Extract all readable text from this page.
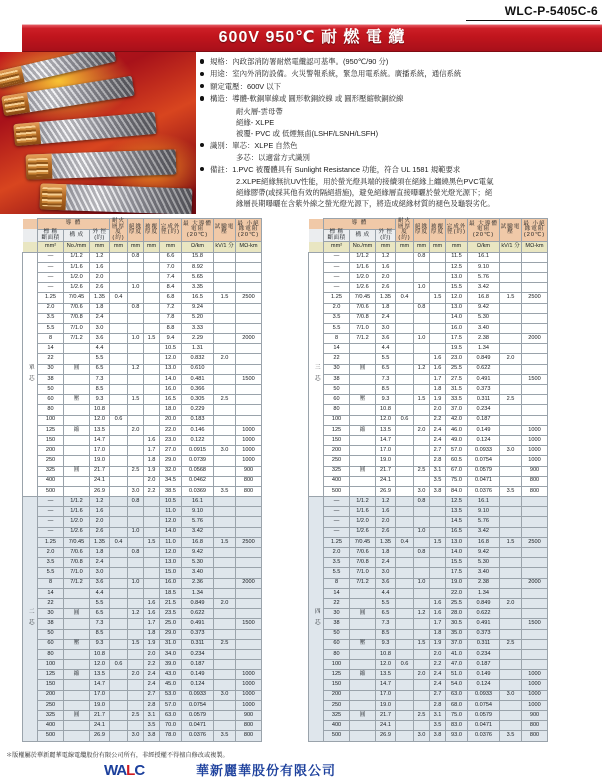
WLC-P-5405C-6
600V 950℃ 耐 燃 電 纜
規格：內政部消防署耐燃電纜認可基準。(950℃/90 分)
用途：室內外消防設備。火災警報系統，緊急用電系統。廣播系統，通信系統
額定電壓：600V 以下
構造：導體-軟銅單線或 圓形軟銅絞線 或 圓形壓縮軟銅絞線
耐火層-雲母帶
絕緣- XLPE
被覆- PVC 或 低煙無鹵(LSHF/LSNH/LSFH)
識別：單芯：XLPE 自然色
多芯：以適當方式識別
備註：1.PVC 被覆體具有 Sunlight Resistance 功能，符合 UL 1581 規範要求
2.XLPE絕緣無抗UV性能，用於螢光燈具端的接續須在絕緣上纏繞黑色PVC電氣
絕緣膠帶(或採其他有效的隔絕措施)，避免絕緣層直接曝曬於螢光燈光源下；絕
緣層長期曝曬在含紫外線之螢光燈光源下，將造成絕緣材質的褪色及龜裂劣化。
	導 體			耐火層厚 度(約)	絕緣厚度	被覆厚度	完成外徑(約)	最 大導體電阻(20℃)	試驗電壓	最 小絕緣電阻(20℃)
	標 稱
斷面積	構 成	外 徑
(約)							

	mm²	No./mm	mm	mm	mm	mm	mm	Ω/km	kV/1 分	MΩ-km
單 芯	—	1/1.2	1.2		0.8		6.6	15.8		
	—	1/1.6	1.6				7.0	8.92		
	—	1/2.0	2.0				7.4	5.65		
	—	1/2.6	2.6		1.0		8.4	3.35		
	1.25	7/0.45	1.35	0.4			6.8	16.5	1.5	2500
	2.0	7/0.6	1.8		0.8		7.2	9.24		
	3.5	7/0.8	2.4				7.8	5.20		
	5.5	7/1.0	3.0				8.8	3.33		
	8	7/1.2	3.6		1.0	1.5	9.4	2.29		2000
	14		4.4				10.5	1.31		
	22		5.5				12.0	0.832	2.0	
	30	圓	6.5		1.2		13.0	0.610		
	38		7.3				14.0	0.481		1500
	50		8.5				16.0	0.366		
	60	壓	9.3		1.5		16.5	0.305	2.5	
	80		10.8				18.0	0.229		
	100		12.0	0.6			20.0	0.183		
	125	縮	13.5		2.0		22.0	0.146		1000
	150		14.7			1.6	23.0	0.122		1000
	200		17.0			1.7	27.0	0.0915	3.0	1000
	250		19.0			1.8	29.0	0.0739		1000
	325	圓	21.7		2.5	1.9	32.0	0.0568		900
	400		24.1			2.0	34.5	0.0462		800
	500		26.9		3.0	2.2	38.5	0.0369	3.5	800
二 芯	—	1/1.2	1.2		0.8		10.5	16.1		
	—	1/1.6	1.6				11.0	9.10		
	—	1/2.0	2.0				12.0	5.76		
	—	1/2.6	2.6		1.0		14.0	3.42		
	1.25	7/0.45	1.35	0.4		1.5	11.0	16.8	1.5	2500
	2.0	7/0.6	1.8		0.8		12.0	9.42		
	3.5	7/0.8	2.4				13.0	5.30		
	5.5	7/1.0	3.0				15.0	3.40		
	8	7/1.2	3.6		1.0		16.0	2.36		2000
	14		4.4				18.5	1.34		
	22		5.5			1.6	21.5	0.849	2.0	
	30	圓	6.5		1.2	1.6	23.5	0.622		
	38		7.3			1.7	25.0	0.491		1500
	50		8.5			1.8	29.0	0.373		
	60	壓	9.3		1.5	1.9	31.0	0.311	2.5	
	80		10.8			2.0	34.0	0.234		
	100		12.0	0.6		2.2	39.0	0.187		
	125	縮	13.5		2.0	2.4	43.0	0.149		1000
	150		14.7			2.4	45.0	0.124		1000
	200		17.0			2.7	53.0	0.0933	3.0	1000
	250		19.0			2.8	57.0	0.0754		1000
	325	圓	21.7		2.5	3.1	63.0	0.0579		900
	400		24.1			3.5	70.0	0.0471		800
	500		26.9		3.0	3.8	78.0	0.0376	3.5	800
	導 體			耐火層厚 度(約)	絕緣厚度	被覆厚度	完成外徑(約)	最 大導體電阻(20℃)	試驗電壓	最 小絕緣電阻(20℃)
	標 稱
斷面積	構 成	外 徑
(約)							

	mm²	No./mm	mm	mm	mm	mm	mm	Ω/km	kV/1 分	MΩ-km
三 芯	—	1/1.2	1.2		0.8		11.5	16.1		
	—	1/1.6	1.6				12.5	9.10		
	—	1/2.0	2.0				13.0	5.76		
	—	1/2.6	2.6		1.0		15.5	3.42		
	1.25	7/0.45	1.35	0.4		1.5	12.0	16.8	1.5	2500
	2.0	7/0.6	1.8		0.8		13.0	9.42		
	3.5	7/0.8	2.4				14.0	5.30		
	5.5	7/1.0	3.0				16.0	3.40		
	8	7/1.2	3.6		1.0		17.5	2.38		2000
	14		4.4				19.5	1.34		
	22		5.5			1.6	23.0	0.849	2.0	
	30	圓	6.5		1.2	1.6	25.5	0.622		
	38		7.3			1.7	27.5	0.491		1500
	50		8.5			1.8	31.5	0.373		
	60	壓	9.3		1.5	1.9	33.5	0.311	2.5	
	80		10.8			2.0	37.0	0.234		
	100		12.0	0.6		2.2	42.0	0.187		
	125	縮	13.5		2.0	2.4	46.0	0.149		1000
	150		14.7			2.4	49.0	0.124		1000
	200		17.0			2.7	57.0	0.0933	3.0	1000
	250		19.0			2.8	60.5	0.0754		1000
	325	圓	21.7		2.5	3.1	67.0	0.0579		900
	400		24.1			3.5	75.0	0.0471		800
	500		26.9		3.0	3.8	84.0	0.0376	3.5	800
四 芯	—	1/1.2	1.2		0.8		12.5	16.1		
	—	1/1.6	1.6				13.5	9.10		
	—	1/2.0	2.0				14.5	5.76		
	—	1/2.6	2.6		1.0		16.5	3.42		
	1.25	7/0.45	1.35	0.4		1.5	13.0	16.8	1.5	2500
	2.0	7/0.6	1.8		0.8		14.0	9.42		
	3.5	7/0.8	2.4				15.5	5.30		
	5.5	7/1.0	3.0				17.5	3.40		
	8	7/1.2	3.6		1.0		19.0	2.38		2000
	14		4.4				22.0	1.34		
	22		5.5			1.6	25.5	0.849	2.0	
	30	圓	6.5		1.2	1.6	28.0	0.622		
	38		7.3			1.7	30.5	0.491		1500
	50		8.5			1.8	35.0	0.373		
	60	壓	9.3		1.5	1.9	37.0	0.311	2.5	
	80		10.8			2.0	41.0	0.234		
	100		12.0	0.6		2.2	47.0	0.187		
	125	縮	13.5		2.0	2.4	51.0	0.149		1000
	150		14.7			2.4	54.0	0.124		1000
	200		17.0			2.7	63.0	0.0933	3.0	1000
	250		19.0			2.8	68.0	0.0754		1000
	325	圓	21.7		2.5	3.1	75.0	0.0579		900
	400		24.1			3.5	83.0	0.0471		800
	500		26.9		3.0	3.8	93.0	0.0376	3.5	800
＊版權屬於華新麗華電線電纜股份有限公司所有，非經授權不得擅自修改或複製。
WALC	華新麗華股份有限公司
